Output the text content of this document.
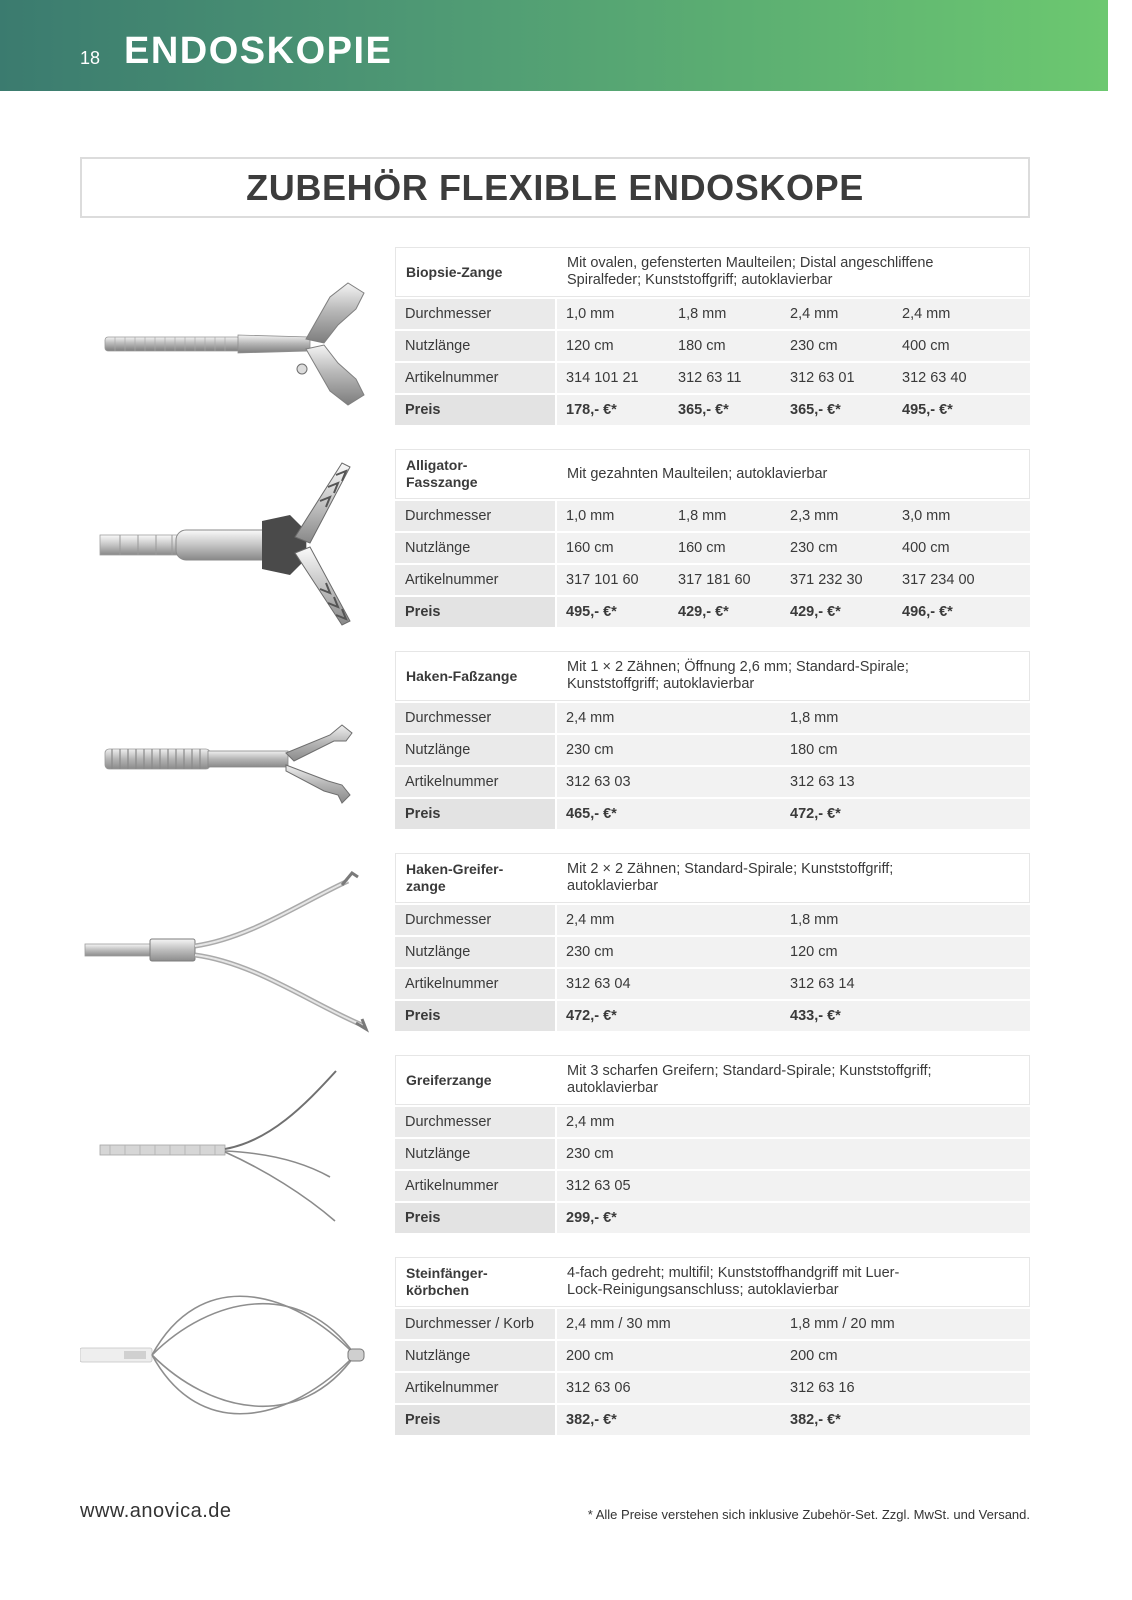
18 ENDOSKOPIE
ZUBEHÖR FLEXIBLE ENDOSKOPE
Biopsie-Zange
Mit ovalen, gefensterten Maulteilen; Distal angeschliffene
Spiralfeder; Kunststoffgriff; autoklavierbar
Durchmesser	1,0 mm	1,8 mm	2,4 mm	2,4 mm
Nutzlänge	120 cm	180 cm	230 cm	400 cm
Artikelnummer	314 101 21	312 63 11	312 63 01	312 63 40
Preis	178,- €*	365,- €*	365,- €*	495,- €*
Alligator-
Fasszange
Mit gezahnten Maulteilen; autoklavierbar
Durchmesser	1,0 mm	1,8 mm	2,3 mm	3,0 mm
Nutzlänge	160 cm	160 cm	230 cm	400 cm
Artikelnummer	317 101 60	317 181 60	371 232 30	317 234 00
Preis	495,- €*	429,- €*	429,- €*	496,- €*
Haken-Faßzange
Mit 1 × 2 Zähnen; Öffnung 2,6 mm; Standard-Spirale;
Kunststoffgriff; autoklavierbar
Durchmesser	2,4 mm	1,8 mm
Nutzlänge	230 cm	180 cm
Artikelnummer	312 63 03	312 63 13
Preis	465,- €*	472,- €*
Haken-Greifer-
zange
Mit 2 × 2 Zähnen; Standard-Spirale; Kunststoffgriff;
autoklavierbar
Durchmesser	2,4 mm	1,8 mm
Nutzlänge	230 cm	120 cm
Artikelnummer	312 63 04	312 63 14
Preis	472,- €*	433,- €*
Greiferzange
Mit 3 scharfen Greifern; Standard-Spirale; Kunststoffgriff;
autoklavierbar
Durchmesser	2,4 mm
Nutzlänge	230 cm
Artikelnummer	312 63 05
Preis	299,- €*
Steinfänger-
körbchen
4-fach gedreht; multifil; Kunststoffhandgriff mit Luer-
Lock-Reinigungsanschluss; autoklavierbar
Durchmesser / Korb	2,4 mm / 30 mm	1,8 mm / 20 mm
Nutzlänge	200 cm	200 cm
Artikelnummer	312 63 06	312 63 16
Preis	382,- €*	382,- €*
www.anovica.de	* Alle Preise verstehen sich inklusive Zubehör-Set. Zzgl. MwSt. und Versand.
